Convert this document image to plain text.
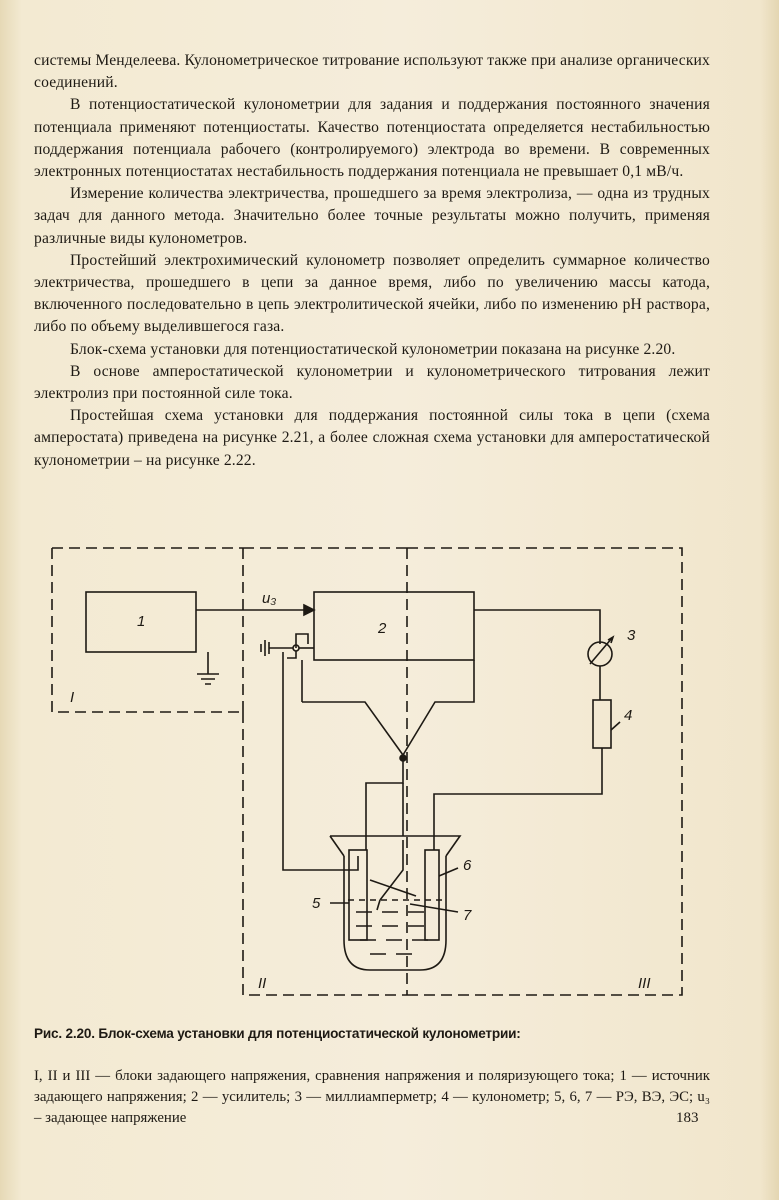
системы Менделеева. Кулонометрическое титрование используют также при анализе органических соединений.

В потенциостатической кулонометрии для задания и поддержания постоянного значения потенциала применяют потенциостаты. Качество потенциостата определяется нестабильностью поддержания потенциала рабочего (контролируемого) электрода во времени. В современных электронных потенциостатах нестабильность поддержания потенциала не превышает 0,1 мВ/ч.

Измерение количества электричества, прошедшего за время электролиза, — одна из трудных задач для данного метода. Значительно более точные результаты можно получить, применяя различные виды кулонометров.

Простейший электрохимический кулонометр позволяет определить суммарное количество электричества, прошедшего в цепи за данное время, либо по увеличению массы катода, включенного последовательно в цепь электролитической ячейки, либо по изменению pH раствора, либо по объему выделившегося газа.

Блок-схема установки для потенциостатической кулонометрии показана на рисунке 2.20.

В основе амперостатической кулонометрии и кулонометрического титрования лежит электролиз при постоянной силе тока.

Простейшая схема установки для поддержания постоянной силы тока в цепи (схема амперостата) приведена на рисунке 2.21, а более сложная схема установки для амперостатической кулонометрии – на рисунке 2.22.

1	2	3
4
5
6
7
I
II	III
u₃
Рис. 2.20. Блок-схема установки для потенциостатической кулонометрии:
I, II и III — блоки задающего напряжения, сравнения напряжения и поляризующего тока; 1 — источник задающего напряжения; 2 — усилитель; 3 — миллиамперметр; 4 — кулонометр; 5, 6, 7 — РЭ, ВЭ, ЭС; u₃ – задающее напряжение	183
